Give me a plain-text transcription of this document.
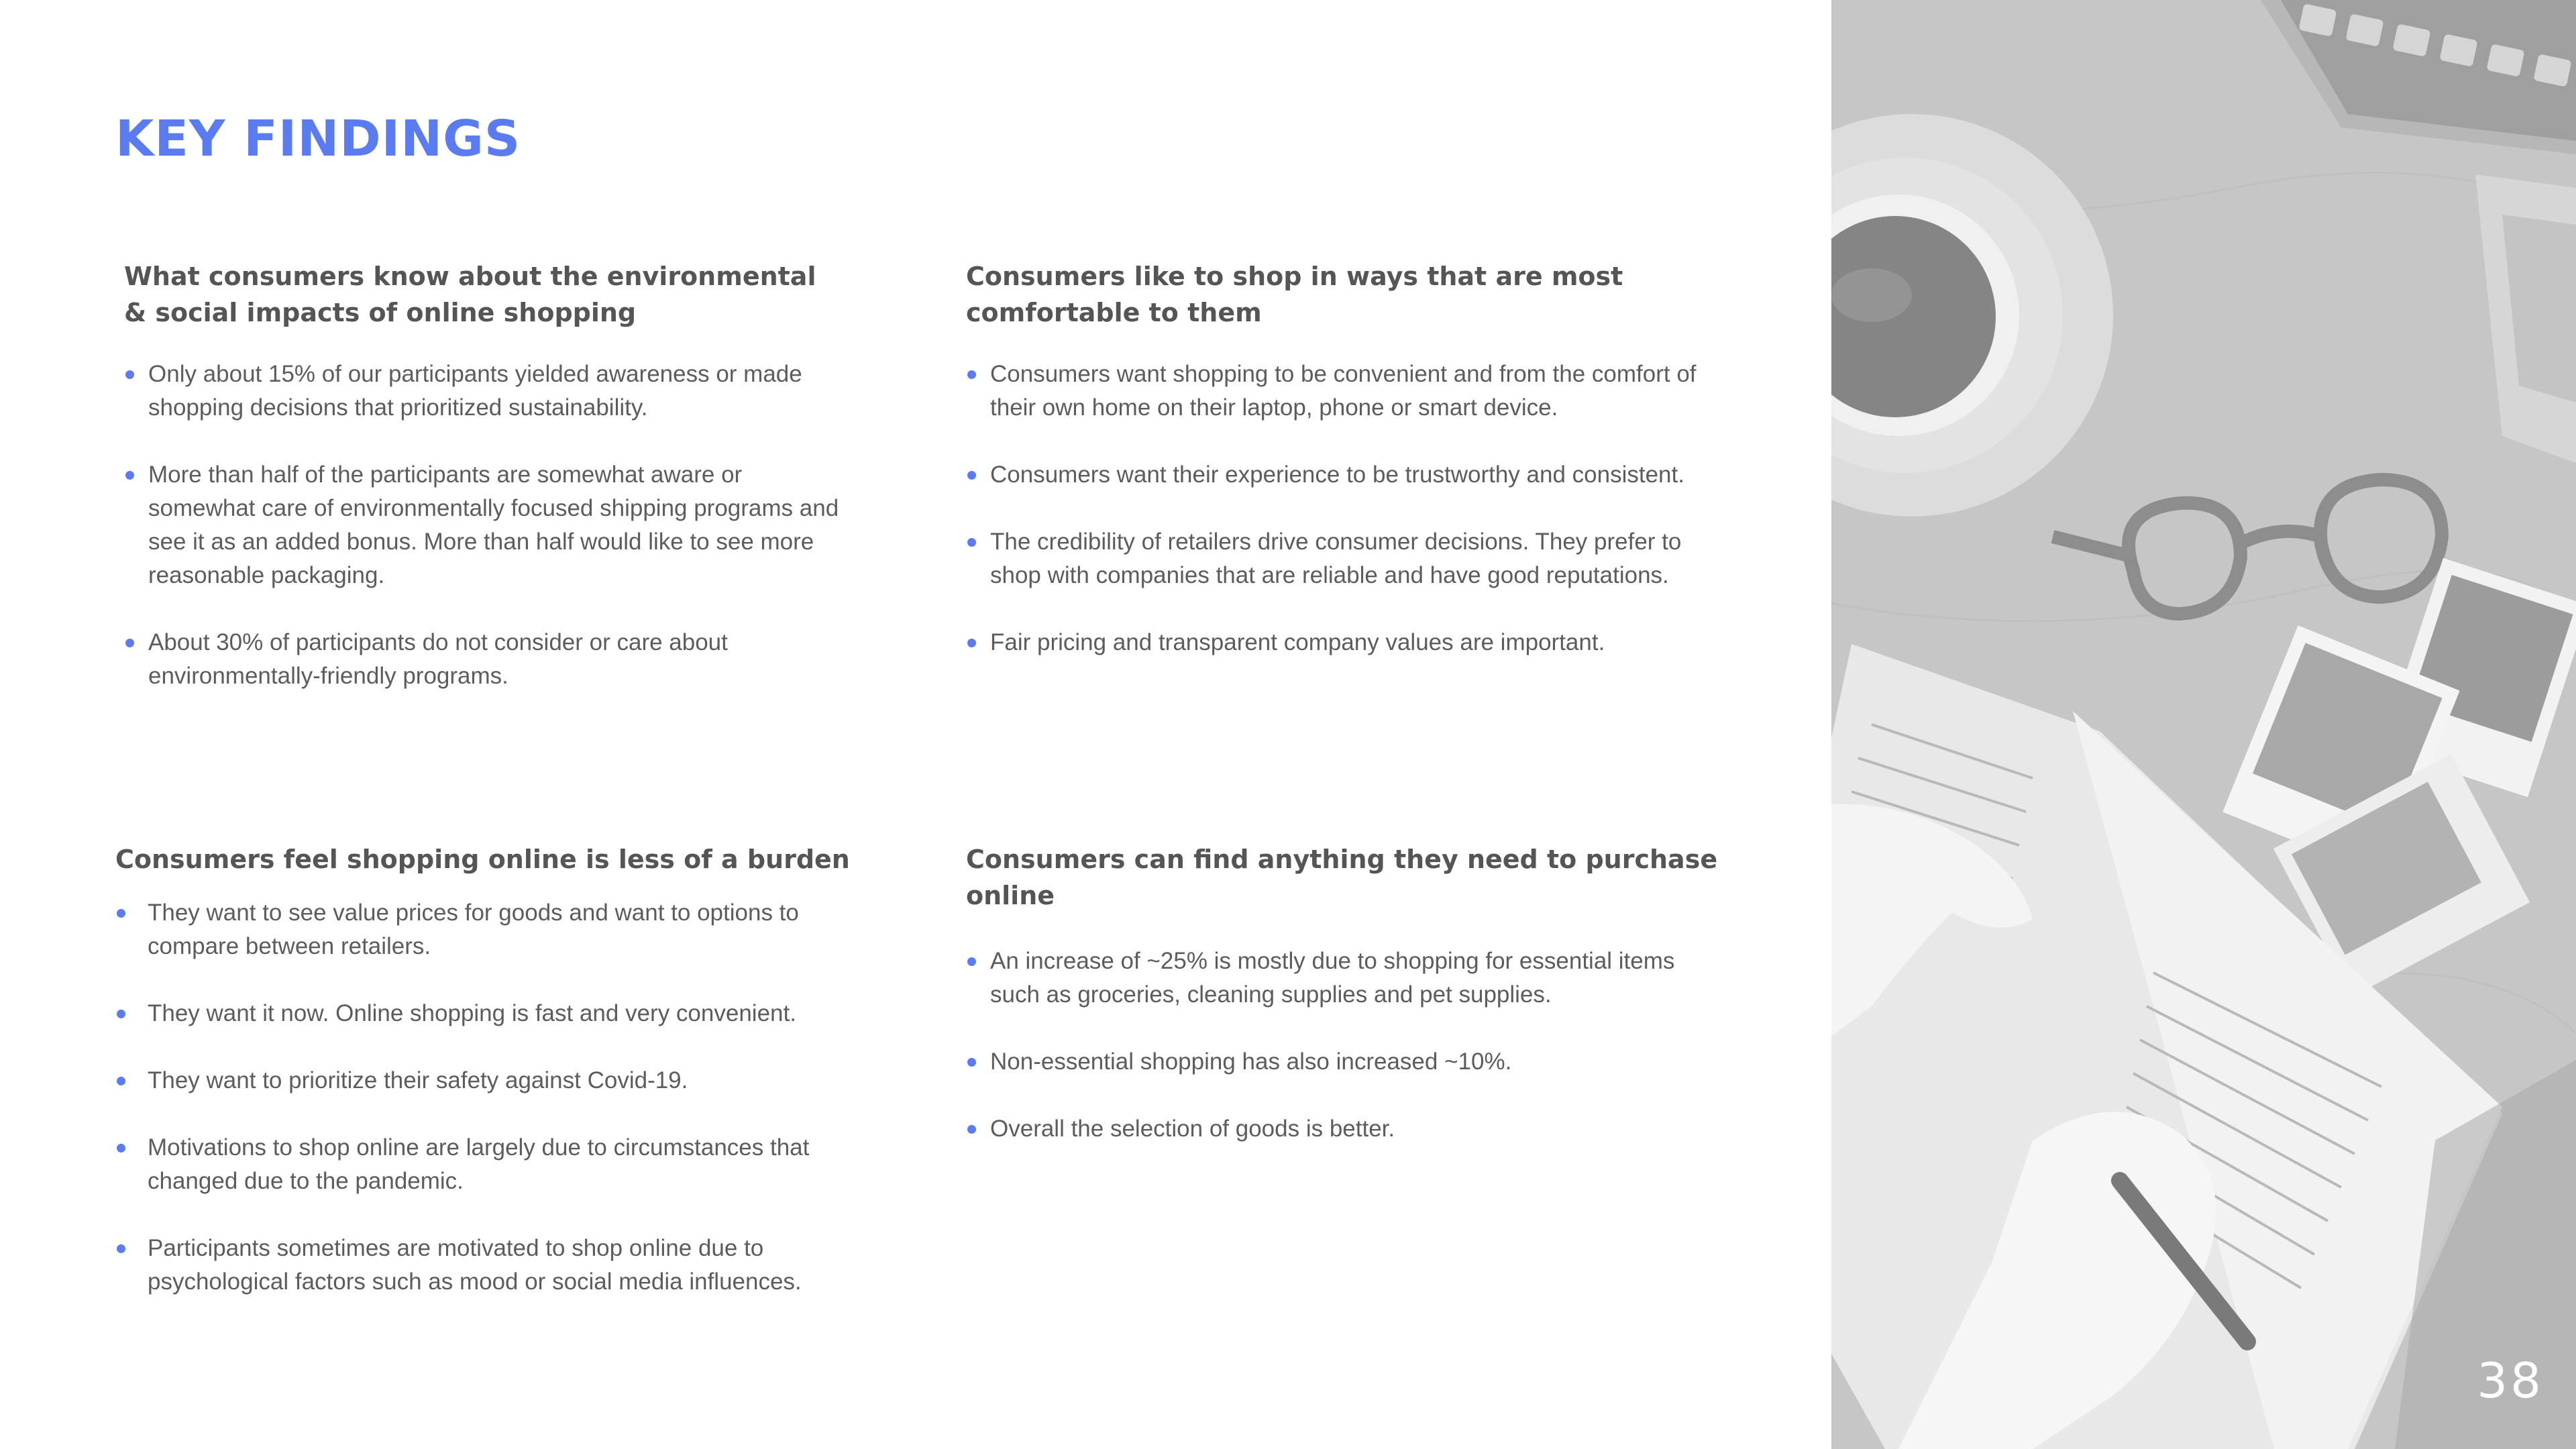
KEY FINDINGS
What consumers know about the environmental
& social impacts of online shopping
Only about 15% of our participants yielded awareness or made shopping decisions that prioritized sustainability.
More than half of the participants are somewhat aware or somewhat care of environmentally focused shipping programs and see it as an added bonus. More than half would like to see more reasonable packaging.
About 30% of participants do not consider or care about environmentally-friendly programs.
Consumers like to shop in ways that are most
comfortable to them
Consumers want shopping to be convenient and from the comfort of their own home on their laptop, phone or smart device.
Consumers want their experience to be trustworthy and consistent.
The credibility of retailers drive consumer decisions. They prefer to shop with companies that are reliable and have good reputations.
Fair pricing and transparent company values are important.
Consumers feel shopping online is less of a burden
They want to see value prices for goods and want to options to compare between retailers.
They want it now. Online shopping is fast and very convenient.
They want to prioritize their safety against Covid-19.
Motivations to shop online are largely due to circumstances that changed due to the pandemic.
Participants sometimes are motivated to shop online due to psychological factors such as mood or social media influences.
Consumers can find anything they need to purchase online
An increase of ~25% is mostly due to shopping for essential items such as groceries, cleaning supplies and pet supplies.
Non-essential shopping has also increased ~10%.
Overall the selection of goods is better.
38
